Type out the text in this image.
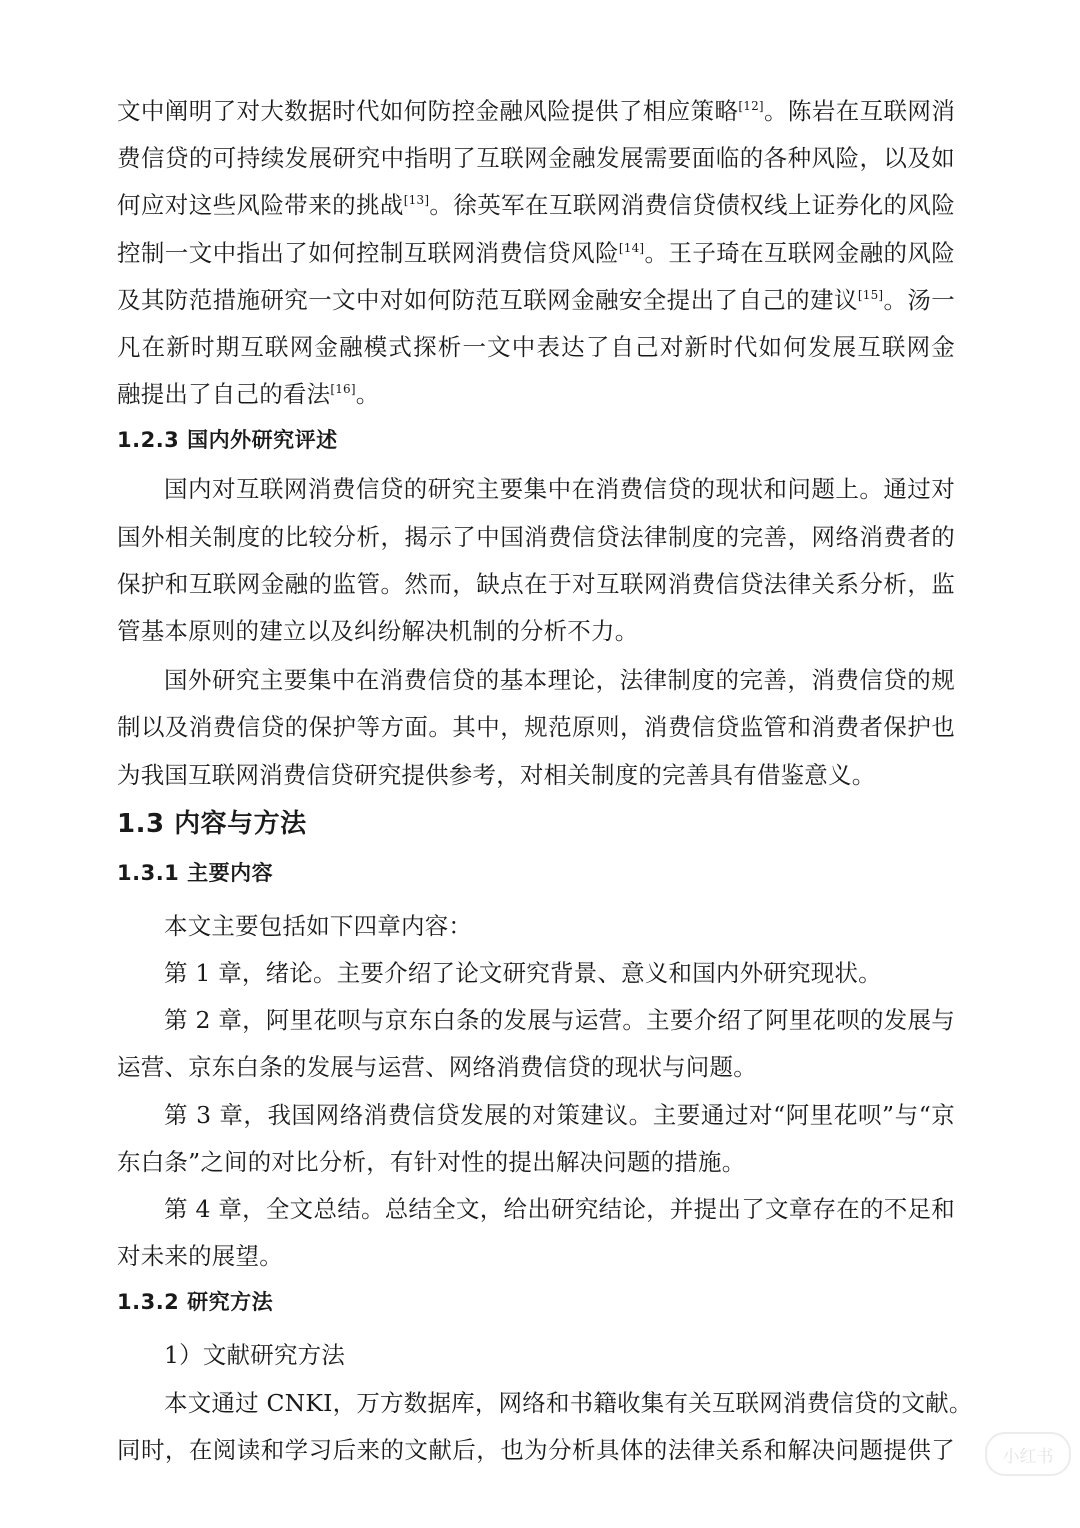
文中阐明了对大数据时代如何防控金融风险提供了相应策略[12]。陈岩在互联网消
费信贷的可持续发展研究中指明了互联网金融发展需要面临的各种风险，以及如
何应对这些风险带来的挑战[13]。徐英军在互联网消费信贷债权线上证券化的风险
控制一文中指出了如何控制互联网消费信贷风险[14]。王子琦在互联网金融的风险
及其防范措施研究一文中对如何防范互联网金融安全提出了自己的建议[15]。汤一
凡在新时期互联网金融模式探析一文中表达了自己对新时代如何发展互联网金
融提出了自己的看法[16]。

1.2.3 国内外研究评述

国内对互联网消费信贷的研究主要集中在消费信贷的现状和问题上。通过对
国外相关制度的比较分析，揭示了中国消费信贷法律制度的完善，网络消费者的
保护和互联网金融的监管。然而，缺点在于对互联网消费信贷法律关系分析，监
管基本原则的建立以及纠纷解决机制的分析不力。

国外研究主要集中在消费信贷的基本理论，法律制度的完善，消费信贷的规
制以及消费信贷的保护等方面。其中，规范原则，消费信贷监管和消费者保护也
为我国互联网消费信贷研究提供参考，对相关制度的完善具有借鉴意义。

1.3 内容与方法
1.3.1 主要内容

本文主要包括如下四章内容：

第 1 章，绪论。主要介绍了论文研究背景、意义和国内外研究现状。

第 2 章，阿里花呗与京东白条的发展与运营。主要介绍了阿里花呗的发展与
运营、京东白条的发展与运营、网络消费信贷的现状与问题。

第 3 章，我国网络消费信贷发展的对策建议。主要通过对“阿里花呗”与“京
东白条”之间的对比分析，有针对性的提出解决问题的措施。

第 4 章，全文总结。总结全文，给出研究结论，并提出了文章存在的不足和
对未来的展望。

1.3.2 研究方法

1）文献研究方法

本文通过 CNKI，万方数据库，网络和书籍收集有关互联网消费信贷的文献。
同时，在阅读和学习后来的文献后，也为分析具体的法律关系和解决问题提供了	小红书
